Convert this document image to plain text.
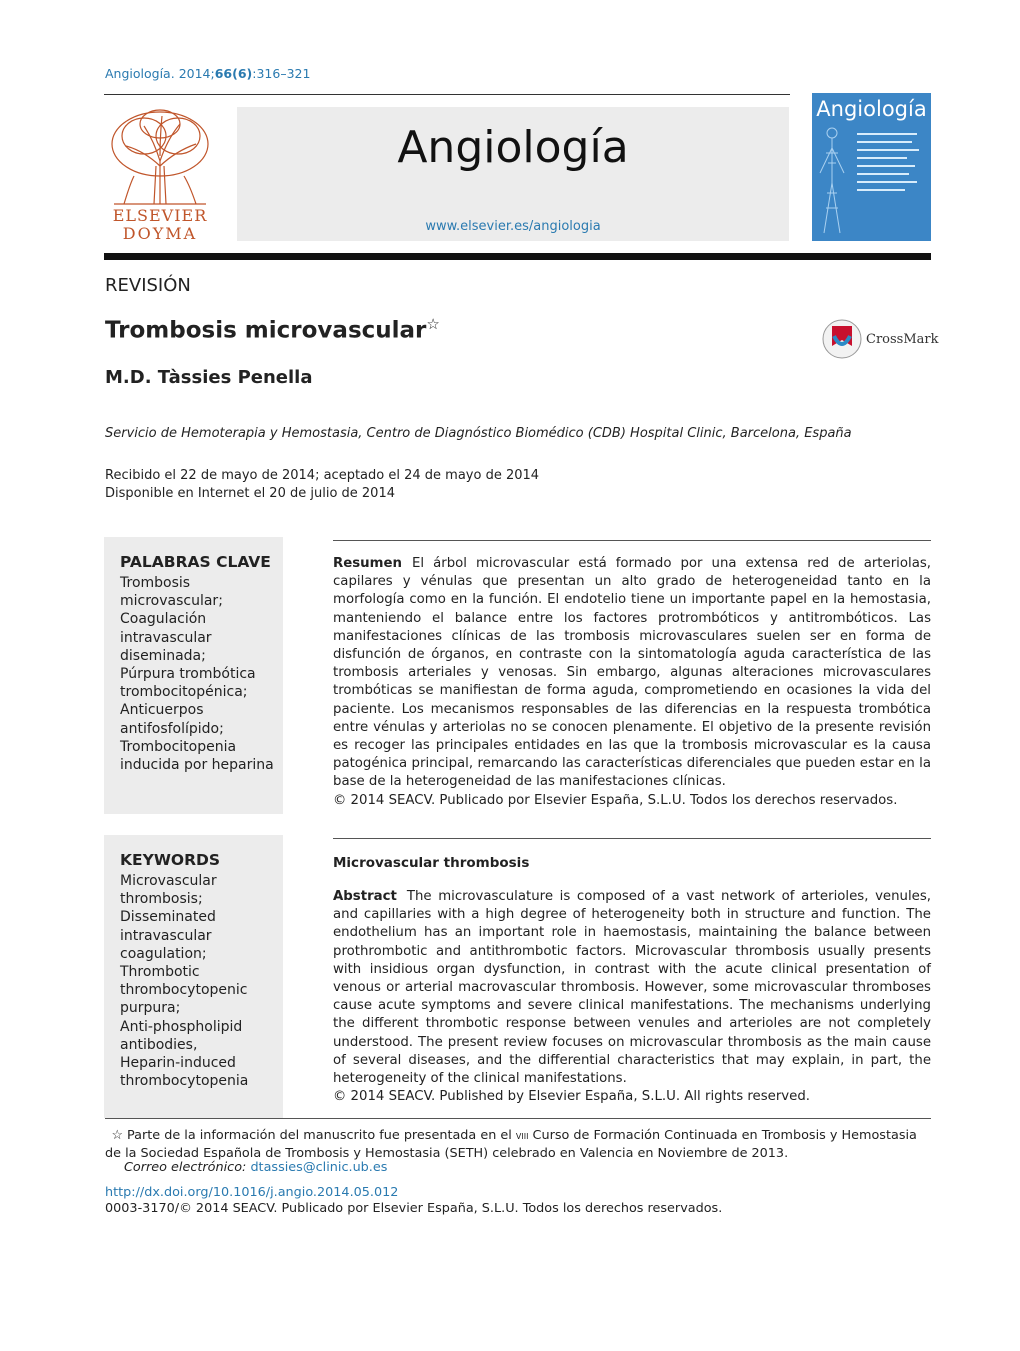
Angiología. 2014;66(6):316–321
ELSEVIER
DOYMA
Angiología
www.elsevier.es/angiologia
Angiología
REVISIÓN
Trombosis microvascular☆
CrossMark
M.D. Tàssies Penella
Servicio de Hemoterapia y Hemostasia, Centro de Diagnóstico Biomédico (CDB) Hospital Clinic, Barcelona, España
Recibido el 22 de mayo de 2014; aceptado el 24 de mayo de 2014
Disponible en Internet el 20 de julio de 2014
PALABRAS CLAVE
Trombosis
microvascular;
Coagulación
intravascular
diseminada;
Púrpura trombótica
trombocitopénica;
Anticuerpos
antifosfolípido;
Trombocitopenia
inducida por heparina
Resumen El árbol microvascular está formado por una extensa red de arteriolas, capilares y vénulas que presentan un alto grado de heterogeneidad tanto en la morfología como en la función. El endotelio tiene un importante papel en la hemostasia, manteniendo el balance entre los factores protrombóticos y antitrombóticos. Las manifestaciones clínicas de las trombosis microvasculares suelen ser en forma de disfunción de órganos, en contraste con la sintomatología aguda característica de las trombosis arteriales y venosas. Sin embargo, algunas alteraciones microvasculares trombóticas se manifiestan de forma aguda, comprometiendo en ocasiones la vida del paciente. Los mecanismos responsables de las diferencias en la respuesta trombótica entre vénulas y arteriolas no se conocen plenamente. El objetivo de la presente revisión es recoger las principales entidades en las que la trombosis microvascular es la causa patogénica principal, remarcando las características diferenciales que pueden estar en la base de la heterogeneidad de las manifestaciones clínicas.
© 2014 SEACV. Publicado por Elsevier España, S.L.U. Todos los derechos reservados.
KEYWORDS
Microvascular
thrombosis;
Disseminated
intravascular
coagulation;
Thrombotic
thrombocytopenic
purpura;
Anti-phospholipid
antibodies,
Heparin-induced
thrombocytopenia
Microvascular thrombosis
Abstract The microvasculature is composed of a vast network of arterioles, venules, and capillaries with a high degree of heterogeneity both in structure and function. The endothelium has an important role in haemostasis, maintaining the balance between prothrombotic and antithrombotic factors. Microvascular thrombosis usually presents with insidious organ dysfunction, in contrast with the acute clinical presentation of venous or arterial macrovascular thrombosis. However, some microvascular thromboses cause acute symptoms and severe clinical manifestations. The mechanisms underlying the different thrombotic response between venules and arterioles are not completely understood. The present review focuses on microvascular thrombosis as the main cause of several diseases, and the differential characteristics that may explain, in part, the heterogeneity of the clinical manifestations.
© 2014 SEACV. Published by Elsevier España, S.L.U. All rights reserved.
☆ Parte de la información del manuscrito fue presentada en el viii Curso de Formación Continuada en Trombosis y Hemostasia de la Sociedad Española de Trombosis y Hemostasia (SETH) celebrado en Valencia en Noviembre de 2013.
Correo electrónico: dtassies@clinic.ub.es
http://dx.doi.org/10.1016/j.angio.2014.05.012
0003-3170/© 2014 SEACV. Publicado por Elsevier España, S.L.U. Todos los derechos reservados.
